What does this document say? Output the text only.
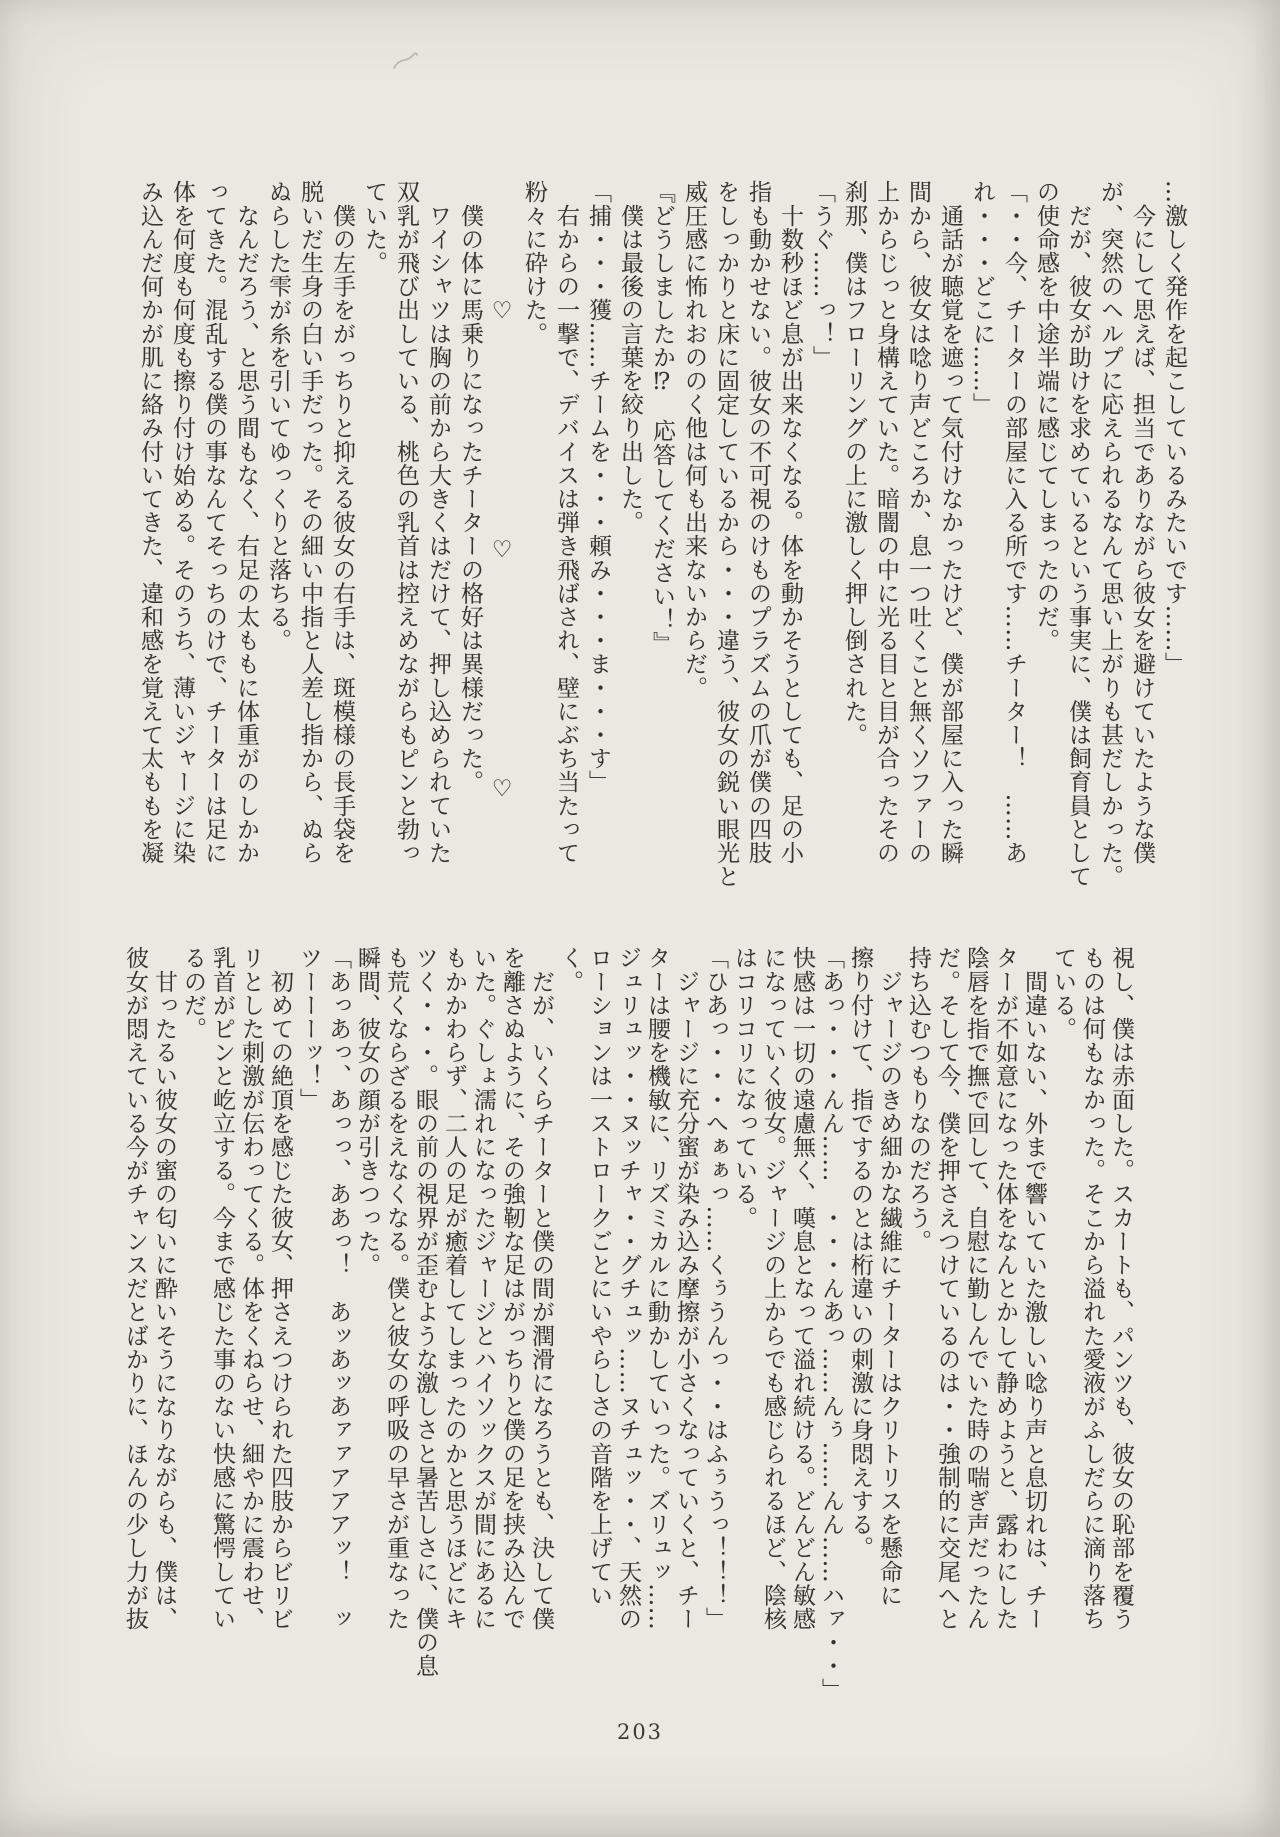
…激しく発作を起こしているみたいです……」
　今にして思えば、担当でありながら彼女を避けていたような僕
が、突然のヘルプに応えられるなんて思い上がりも甚だしかった。
　だが、彼女が助けを求めているという事実に、僕は飼育員として
の使命感を中途半端に感じてしまったのだ。
「・・今、チーターの部屋に入る所です……チーター！　……あ
れ・・・どこに……」
　通話が聴覚を遮って気付けなかったけど、僕が部屋に入った瞬
間から、彼女は唸り声どころか、息一つ吐くこと無くソファーの
上からじっと身構えていた。暗闇の中に光る目と目が合ったその
刹那、僕はフローリングの上に激しく押し倒された。
「うぐ……っ！」
　十数秒ほど息が出来なくなる。体を動かそうとしても、足の小
指も動かせない。彼女の不可視のけものプラズムの爪が僕の四肢
をしっかりと床に固定しているから・・・違う、彼女の鋭い眼光と
威圧感に怖れおののく他は何も出来ないからだ。
『どうしましたか⁉　応答してください！』
　僕は最後の言葉を絞り出した。
「捕・・・獲……チームを・・・頼み・・・ま・・・す」
　右からの一撃で、デバイスは弾き飛ばされ、壁にぶち当たって
粉々に砕けた。
　　　　　♡　　　　　　　　　♡　　　　　　　　　♡
　僕の体に馬乗りになったチーターの格好は異様だった。
　ワイシャツは胸の前から大きくはだけて、押し込められていた
双乳が飛び出している、桃色の乳首は控えめながらもピンと勃っ
ていた。
　僕の左手をがっちりと抑える彼女の右手は、斑模様の長手袋を
脱いだ生身の白い手だった。その細い中指と人差し指から、ぬら
ぬらした雫が糸を引いてゆっくりと落ちる。
　なんだろう、と思う間もなく、右足の太ももに体重がのしかか
ってきた。混乱する僕の事なんてそっちのけで、チーターは足に
体を何度も何度も擦り付け始める。そのうち、薄いジャージに染
み込んだ何かが肌に絡み付いてきた、違和感を覚えて太ももを凝
視し、僕は赤面した。スカートも、パンツも、彼女の恥部を覆う
ものは何もなかった。そこから溢れた愛液がふしだらに滴り落ち
ている。
　間違いない、外まで響いていた激しい唸り声と息切れは、チー
ターが不如意になった体をなんとかして静めようと、露わにした
陰唇を指で撫で回して、自慰に勤しんでいた時の喘ぎ声だったん
だ。そして今、僕を押さえつけているのは・・強制的に交尾へと
持ち込むつもりなのだろう。
　ジャージのきめ細かな繊維にチーターはクリトリスを懸命に
擦り付けて、指でするのとは桁違いの刺激に身悶えする。
「あっ・・・んん……　・・・んあっ……んぅ……んん……ハァ・・」
快感は一切の遠慮無く、嘆息となって溢れ続ける。どんどん敏感
になっていく彼女。ジャージの上からでも感じられるほど、陰核
はコリコリになっている。
「ひあっ・・・へぁぁっ……くぅうんっ・・はふぅうっ！！！」
　ジャージに充分蜜が染み込み摩擦が小さくなっていくと、チー
ターは腰を機敏に、リズミカルに動かしていった。ズリュッ……
ジュリュッ・・ヌッチャ・・グチュッ……ヌチュッ・・、天然の
ローションは一ストロークごとにいやらしさの音階を上げてい
く。
　だが、いくらチーターと僕の間が潤滑になろうとも、決して僕
を離さぬように、その強靭な足はがっちりと僕の足を挟み込んで
いた。ぐしょ濡れになったジャージとハイソックスが間にあるに
もかかわらず、二人の足が癒着してしまったのかと思うほどにキ
ツく・・・。眼の前の視界が歪むような激しさと暑苦しさに、僕の息
も荒くならざるをえなくなる。僕と彼女の呼吸の早さが重なった
瞬間、彼女の顔が引きつった。
「あっあっ、あっっ、ああっ！　あッあッあァァアアアッ！　ッ
ツーーーッ！」
　初めての絶頂を感じた彼女、押さえつけられた四肢からビリビ
リとした刺激が伝わってくる。体をくねらせ、細やかに震わせ、
乳首がピンと屹立する。今まで感じた事のない快感に驚愕してい
るのだ。
　甘ったるい彼女の蜜の匂いに酔いそうになりながらも、僕は、
彼女が悶えている今がチャンスだとばかりに、ほんの少し力が抜
203
